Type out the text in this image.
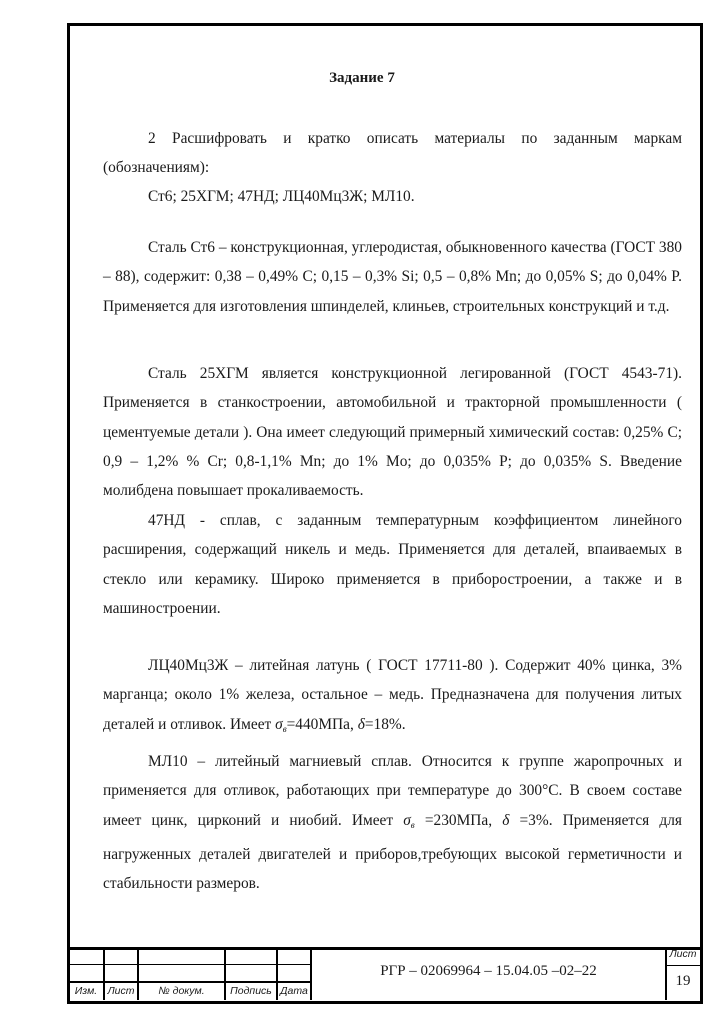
Задание 7
2 Расшифровать и кратко описать материалы по заданным маркам (обозначениям):
Ст6; 25ХГМ; 47НД; ЛЦ40Мц3Ж; МЛ10.
Сталь Ст6 – конструкционная, углеродистая, обыкновенного качества (ГОСТ 380 – 88), содержит: 0,38 – 0,49% С; 0,15 – 0,3% Si; 0,5 – 0,8% Mn; до 0,05% S; до 0,04% P. Применяется для изготовления шпинделей, клиньев, строительных конструкций и т.д.
Сталь 25ХГМ является конструкционной легированной (ГОСТ 4543-71). Применяется в станкостроении, автомобильной и тракторной промышленности ( цементуемые детали ). Она имеет следующий примерный химический состав: 0,25% С; 0,9 – 1,2% % Cr; 0,8-1,1% Mn; до 1% Mo; до 0,035% P; до 0,035% S. Введение молибдена повышает прокаливаемость.
47НД - сплав, с заданным температурным коэффициентом линейного расширения, содержащий никель и медь. Применяется для деталей, впаиваемых в стекло или керамику. Широко применяется в приборостроении, а также и в машиностроении.
ЛЦ40Мц3Ж – литейная латунь ( ГОСТ 17711-80 ). Содержит 40% цинка, 3% марганца; около 1% железа, остальное – медь. Предназначена для получения литых деталей и отливок. Имеет $\sigma_в=440МПа$, δ=18%.
МЛ10 – литейный магниевый сплав. Относится к группе жаропрочных и применяется для отливок, работающих при температуре до 300°С. В своем составе имеет цинк, цирконий и ниобий. Имеет $\sigma_в =230МПа$, δ =3%. Применяется для нагруженных деталей двигателей и приборов,требующих высокой герметичности и стабильности размеров.
Изм. Лист	№ докум.	Подпись Дата
РГР – 02069964 – 15.04.05 –02–22
Лист
19
